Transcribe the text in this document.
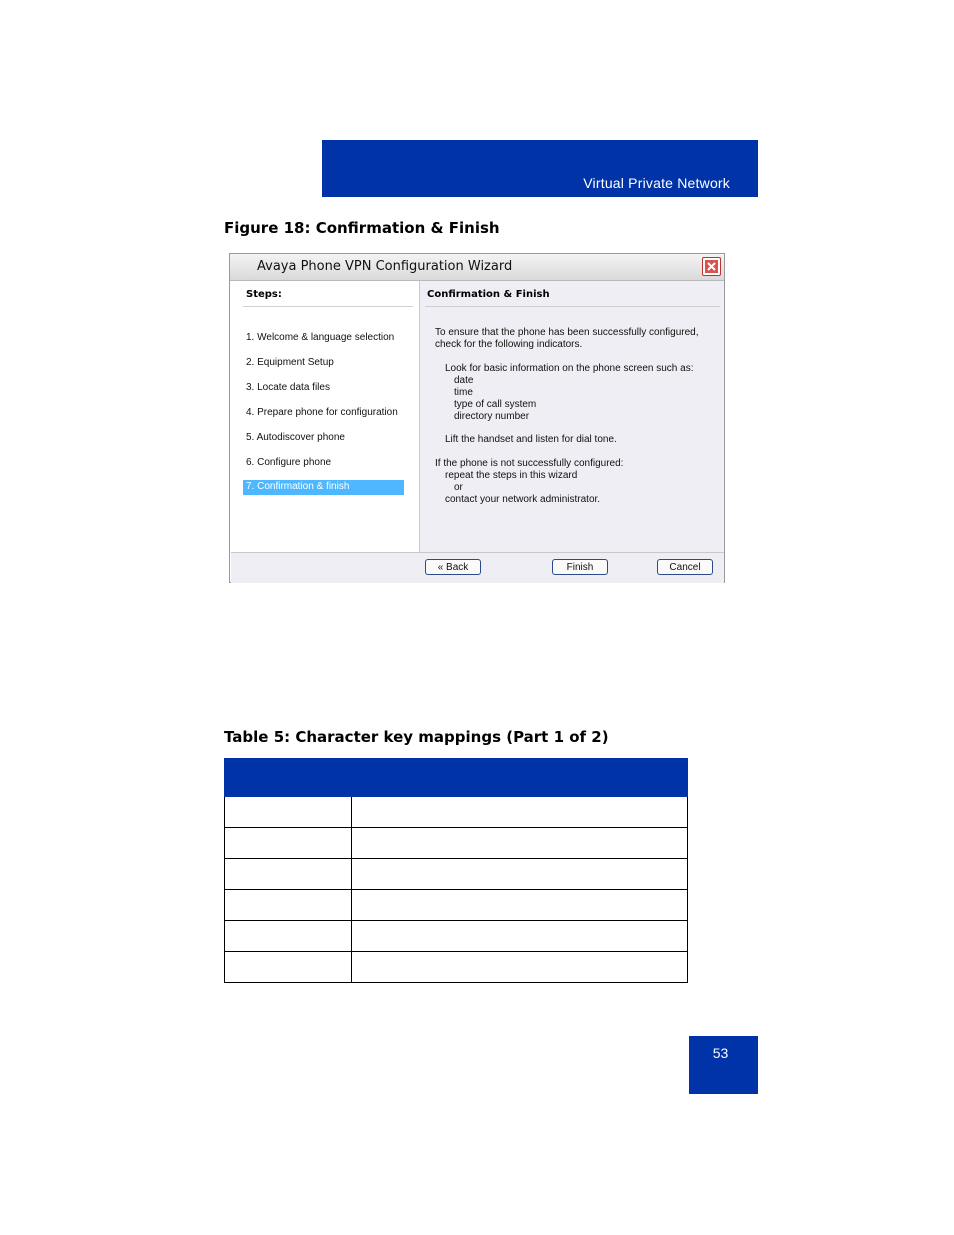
Virtual Private Network
Figure 18: Confirmation & Finish
Avaya Phone VPN Configuration Wizard
Steps:
1. Welcome & language selection
2. Equipment Setup
3. Locate data files
4. Prepare phone for configuration
5. Autodiscover phone
6. Configure phone
7. Confirmation & finish
Confirmation & Finish
To ensure that the phone has been successfully configured,
check for the following indicators.
Look for basic information on the phone screen such as:
date
time
type of call system
directory number
Lift the handset and listen for dial tone.
If the phone is not successfully configured:
repeat the steps in this wizard
or
contact your network administrator.
« Back	Finish	Cancel
Table 5: Character key mappings (Part 1 of 2)

53
